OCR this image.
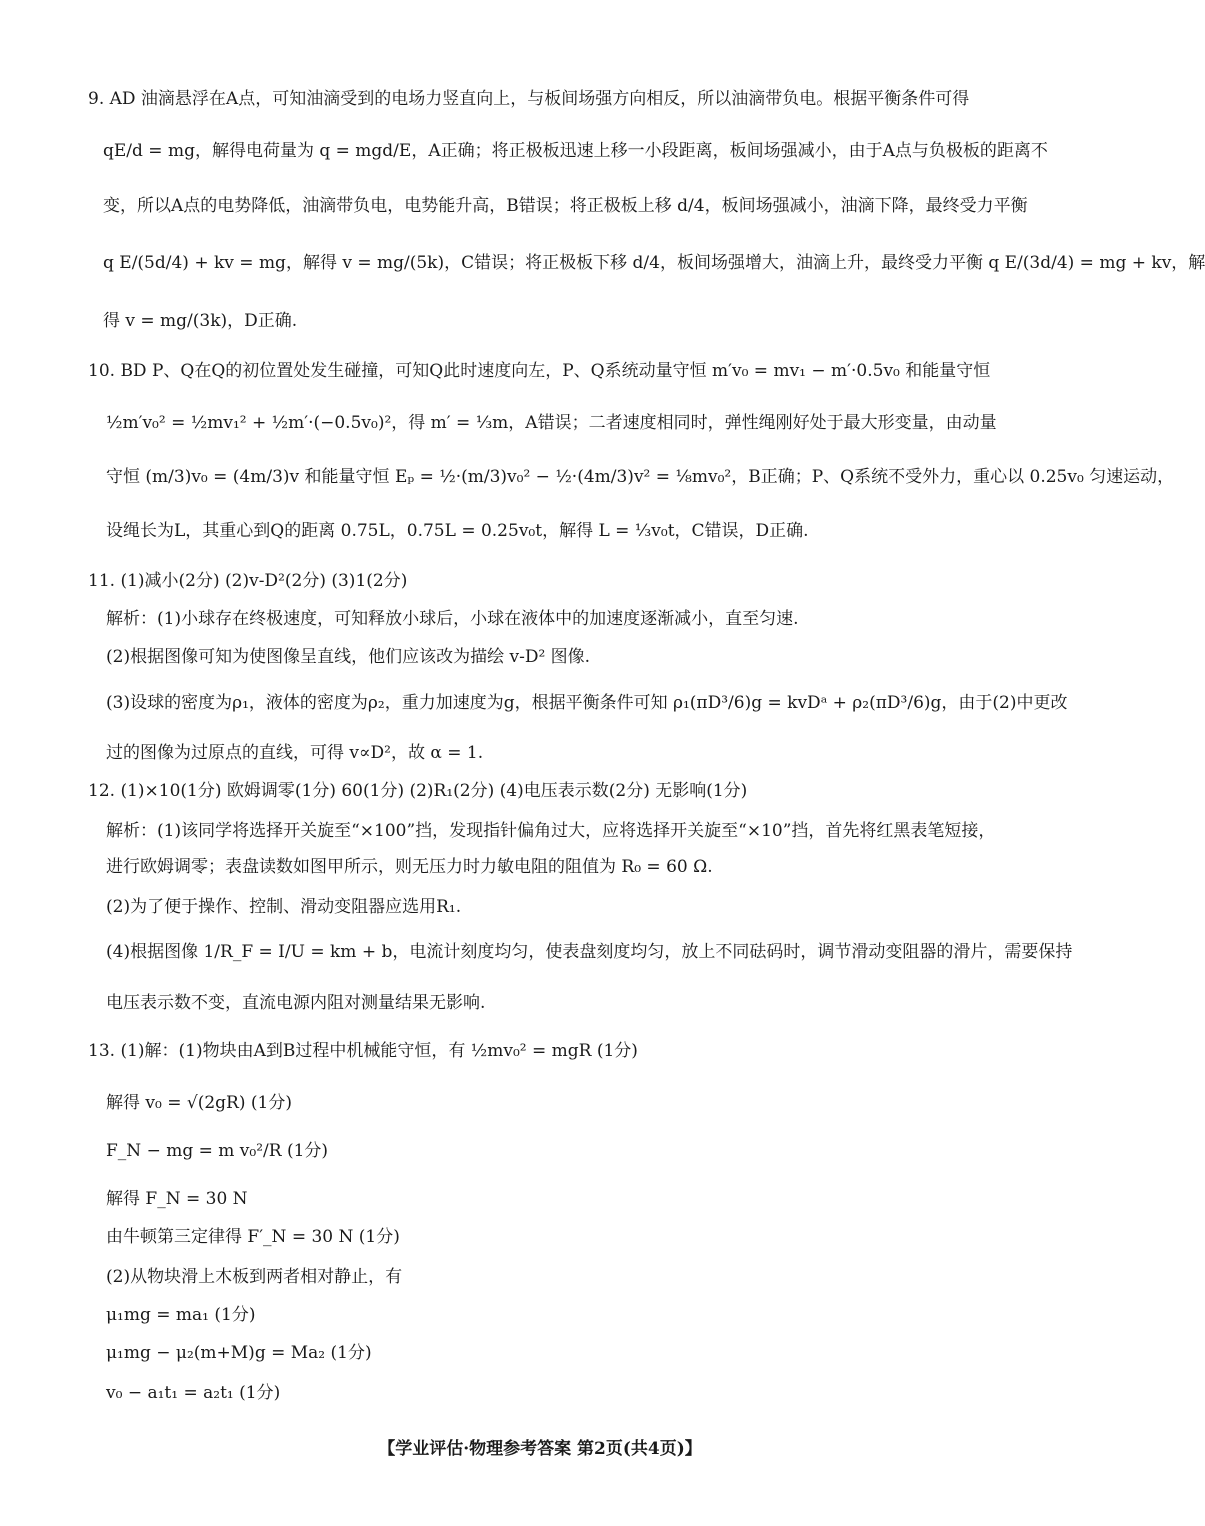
9. AD 油滴悬浮在A点，可知油滴受到的电场力竖直向上，与板间场强方向相反，所以油滴带负电。根据平衡条件可得
qE/d = mg，解得电荷量为 q = mgd/E，A正确；将正极板迅速上移一小段距离，板间场强减小，由于A点与负极板的距离不
变，所以A点的电势降低，油滴带负电，电势能升高，B错误；将正极板上移 d/4，板间场强减小，油滴下降，最终受力平衡
q E/(5d/4) + kv = mg，解得 v = mg/(5k)，C错误；将正极板下移 d/4，板间场强增大，油滴上升，最终受力平衡 q E/(3d/4) = mg + kv，解
得 v = mg/(3k)，D正确.
10. BD P、Q在Q的初位置处发生碰撞，可知Q此时速度向左，P、Q系统动量守恒 m′v₀ = mv₁ − m′·0.5v₀ 和能量守恒
½m′v₀² = ½mv₁² + ½m′·(−0.5v₀)²，得 m′ = ⅓m，A错误；二者速度相同时，弹性绳刚好处于最大形变量，由动量
守恒 (m/3)v₀ = (4m/3)v 和能量守恒 Eₚ = ½·(m/3)v₀² − ½·(4m/3)v² = ⅛mv₀²，B正确；P、Q系统不受外力，重心以 0.25v₀ 匀速运动，
设绳长为L，其重心到Q的距离 0.75L，0.75L = 0.25v₀t，解得 L = ⅓v₀t，C错误，D正确.
11. (1)减小(2分) (2)v-D²(2分) (3)1(2分)
解析：(1)小球存在终极速度，可知释放小球后，小球在液体中的加速度逐渐减小，直至匀速.
(2)根据图像可知为使图像呈直线，他们应该改为描绘 v-D² 图像.
(3)设球的密度为ρ₁，液体的密度为ρ₂，重力加速度为g，根据平衡条件可知 ρ₁(πD³/6)g = kvDᵃ + ρ₂(πD³/6)g，由于(2)中更改
过的图像为过原点的直线，可得 v∝D²，故 α = 1.
12. (1)×10(1分) 欧姆调零(1分) 60(1分) (2)R₁(2分) (4)电压表示数(2分) 无影响(1分)
解析：(1)该同学将选择开关旋至“×100”挡，发现指针偏角过大，应将选择开关旋至“×10”挡，首先将红黑表笔短接，
进行欧姆调零；表盘读数如图甲所示，则无压力时力敏电阻的阻值为 R₀ = 60 Ω.
(2)为了便于操作、控制、滑动变阻器应选用R₁.
(4)根据图像 1/R_F = I/U = km + b，电流计刻度均匀，使表盘刻度均匀，放上不同砝码时，调节滑动变阻器的滑片，需要保持
电压表示数不变，直流电源内阻对测量结果无影响.
13. (1)解：(1)物块由A到B过程中机械能守恒，有 ½mv₀² = mgR (1分)
解得 v₀ = √(2gR) (1分)
F_N − mg = m v₀²/R (1分)
解得 F_N = 30 N
由牛顿第三定律得 F′_N = 30 N (1分)
(2)从物块滑上木板到两者相对静止，有
μ₁mg = ma₁ (1分)
μ₁mg − μ₂(m+M)g = Ma₂ (1分)
v₀ − a₁t₁ = a₂t₁ (1分)
【学业评估·物理参考答案 第2页(共4页)】
